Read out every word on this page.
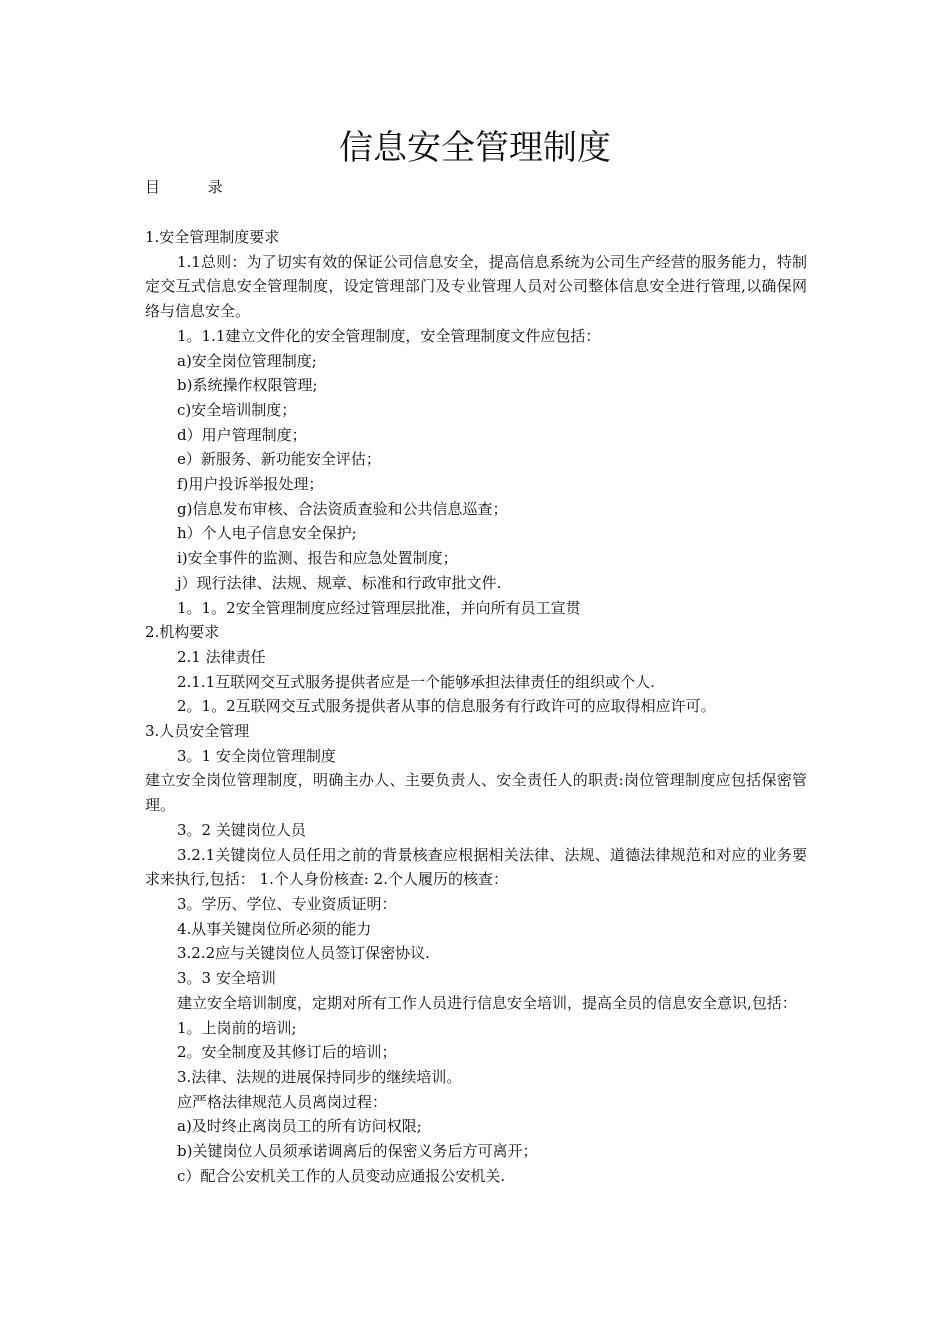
信息安全管理制度
目          录

1.安全管理制度要求

1.1总则：为了切实有效的保证公司信息安全，提高信息系统为公司生产经营的服务能力，特制定交互式信息安全管理制度，设定管理部门及专业管理人员对公司整体信息安全进行管理,以确保网络与信息安全。

1。1.1建立文件化的安全管理制度，安全管理制度文件应包括：

a)安全岗位管理制度;

b)系统操作权限管理;

c)安全培训制度；

d）用户管理制度；

e）新服务、新功能安全评估；

f)用户投诉举报处理；

g)信息发布审核、合法资质查验和公共信息巡查；

h）个人电子信息安全保护;

i)安全事件的监测、报告和应急处置制度；

j）现行法律、法规、规章、标准和行政审批文件.

1。1。2安全管理制度应经过管理层批准，并向所有员工宣贯

2.机构要求

2.1 法律责任

2.1.1互联网交互式服务提供者应是一个能够承担法律责任的组织或个人.

2。1。2互联网交互式服务提供者从事的信息服务有行政许可的应取得相应许可。

3.人员安全管理

3。1 安全岗位管理制度

建立安全岗位管理制度，明确主办人、主要负责人、安全责任人的职责:岗位管理制度应包括保密管理。

3。2 关键岗位人员

3.2.1关键岗位人员任用之前的背景核查应根据相关法律、法规、道德法律规范和对应的业务要求来执行,包括： 1.个人身份核查: 2.个人履历的核查：

3。学历、学位、专业资质证明：

4.从事关键岗位所必须的能力

3.2.2应与关键岗位人员签订保密协议.

3。3 安全培训

建立安全培训制度，定期对所有工作人员进行信息安全培训，提高全员的信息安全意识,包括：

1。上岗前的培训;

2。安全制度及其修订后的培训；

3.法律、法规的进展保持同步的继续培训。

应严格法律规范人员离岗过程：

a)及时终止离岗员工的所有访问权限;

b)关键岗位人员须承诺调离后的保密义务后方可离开；

c）配合公安机关工作的人员变动应通报公安机关.
